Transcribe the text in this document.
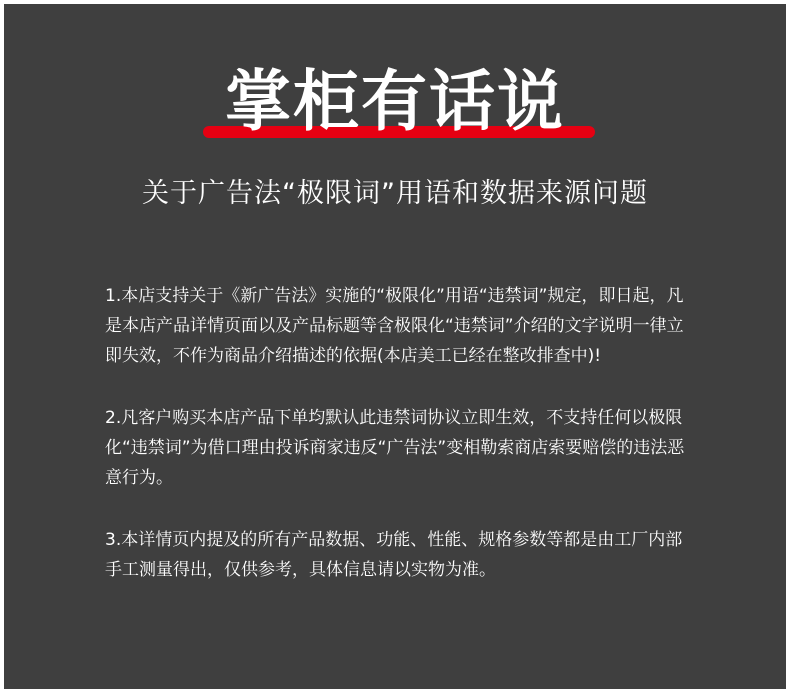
掌柜有话说
关于广告法“极限词”用语和数据来源问题

1.本店支持关于《新广告法》实施的“极限化”用语“违禁词”规定，即日起，凡是本店产品详情页面以及产品标题等含极限化“违禁词”介绍的文字说明一律立即失效，不作为商品介绍描述的依据(本店美工已经在整改排查中)!

2.凡客户购买本店产品下单均默认此违禁词协议立即生效，不支持任何以极限化“违禁词”为借口理由投诉商家违反“广告法”变相勒索商店索要赔偿的违法恶意行为。

3.本详情页内提及的所有产品数据、功能、性能、规格参数等都是由工厂内部手工测量得出，仅供参考，具体信息请以实物为准。
